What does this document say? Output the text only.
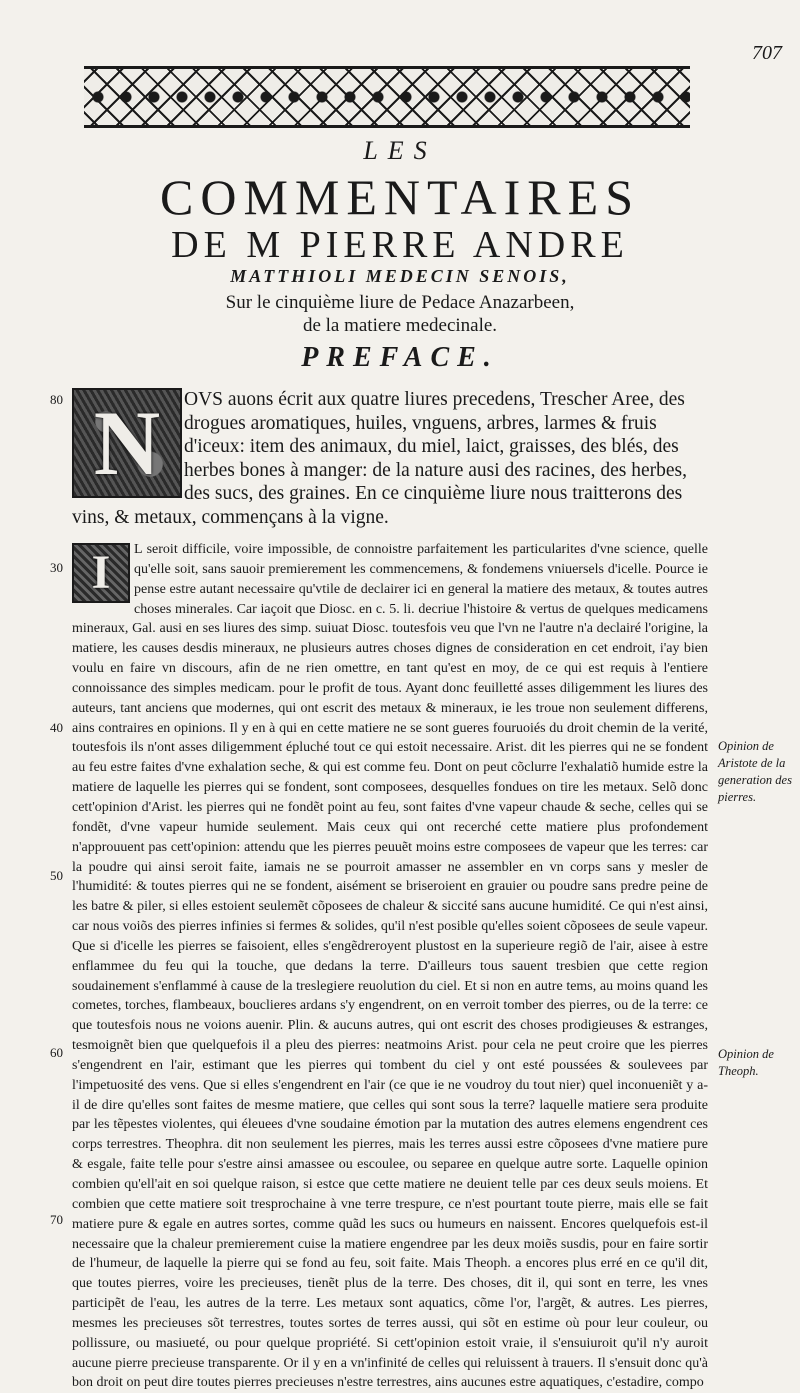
707
LES
COMMENTAIRES
DE M PIERRE ANDRE
MATTHIOLI MEDECIN SENOIS,
Sur le cinquième liure de Pedace Anazarbeen,
de la matiere medecinale.
PREFACE.
80
30
40
50
60
70
N	OVS auons écrit aux quatre liures precedens, Trescher Aree, des drogues aromatiques, huiles, vnguens, arbres, larmes & fruis d'iceux: item des animaux, du miel, laict, graisses, des blés, des herbes bones à manger: de la nature ausi des racines, des herbes, des sucs, des graines. En ce cinquième liure nous traitterons des vins, & metaux, commençans à la vigne.
I	L seroit difficile, voire impossible, de connoistre parfaitement les particularites d'vne science, quelle qu'elle soit, sans sauoir premierement les commencemens, & fondemens vniuersels d'icelle. Pource ie pense estre autant necessaire qu'vtile de declairer ici en general la matiere des metaux, & toutes autres choses minerales. Car iaçoit que Diosc. en c. 5. li. decriue l'histoire & vertus de quelques medicamens mineraux, Gal. ausi en ses liures des simp. suiuat Diosc. toutesfois veu que l'vn ne l'autre n'a declairé l'origine, la matiere, les causes desdis mineraux, ne plusieurs autres choses dignes de consideration en cet endroit, i'ay bien voulu en faire vn discours, afin de ne rien omettre, en tant qu'est en moy, de ce qui est requis à l'entiere connoissance des simples medicam. pour le profit de tous. Ayant donc feuilletté asses diligemment les liures des auteurs, tant anciens que modernes, qui ont escrit des metaux & mineraux, ie les troue non seulement differens, ains contraires en opinions. Il y en à qui en cette matiere ne se sont gueres fouruoiés du droit chemin de la verité, toutesfois ils n'ont asses diligemment épluché tout ce qui estoit necessaire. Arist. dit les pierres qui ne se fondent au feu estre faites d'vne exhalation seche, & qui est comme feu. Dont on peut cõclurre l'exhalatiõ humide estre la matiere de laquelle les pierres qui se fondent, sont composees, desquelles fondues on tire les metaux. Selõ donc cett'opinion d'Arist. les pierres qui ne fondẽt point au feu, sont faites d'vne vapeur chaude & seche, celles qui se fondẽt, d'vne vapeur humide seulement. Mais ceux qui ont recerché cette matiere plus profondement n'approuuent pas cett'opinion: attendu que les pierres peuuẽt moins estre composees de vapeur que les terres: car la poudre qui ainsi seroit faite, iamais ne se pourroit amasser ne assembler en vn corps sans y mesler de l'humidité: & toutes pierres qui ne se fondent, aisément se briseroient en grauier ou poudre sans predre peine de les batre & piler, si elles estoient seulemẽt cõposees de chaleur & siccité sans aucune humidité. Ce qui n'est ainsi, car nous voiõs des pierres infinies si fermes & solides, qu'il n'est posible qu'elles soient cõposees de seule vapeur. Que si d'icelle les pierres se faisoient, elles s'engẽdreroyent plustost en la superieure regiõ de l'air, aisee à estre enflammee du feu qui la touche, que dedans la terre. D'ailleurs tous sauent tresbien que cette region soudainement s'enflammé à cause de la treslegiere reuolution du ciel. Et si non en autre tems, au moins quand les cometes, torches, flambeaux, bouclieres ardans s'y engendrent, on en verroit tomber des pierres, ou de la terre: ce que toutesfois nous ne voions auenir. Plin. & aucuns autres, qui ont escrit des choses prodigieuses & estranges, tesmoignẽt bien que quelquefois il a pleu des pierres: neatmoins Arist. pour cela ne peut croire que les pierres s'engendrent en l'air, estimant que les pierres qui tombent du ciel y ont esté poussées & soulevees par l'impetuosité des vens. Que si elles s'engendrent en l'air (ce que ie ne voudroy du tout nier) quel inconueniẽt y a-il de dire qu'elles sont faites de mesme matiere, que celles qui sont sous la terre? laquelle matiere sera produite par les tẽpestes violentes, qui éleuees d'vne soudaine émotion par la mutation des autres elemens engendrent ces corps terrestres. Theophra. dit non seulement les pierres, mais les terres aussi estre cõposees d'vne matiere pure & esgale, faite telle pour s'estre ainsi amassee ou escoulee, ou separee en quelque autre sorte. Laquelle opinion combien qu'ell'ait en soi quelque raison, si estce que cette matiere ne deuient telle par ces deux seuls moiens. Et combien que cette matiere soit tresprochaine à vne terre trespure, ce n'est pourtant toute pierre, mais elle se fait matiere pure & egale en autres sortes, comme quãd les sucs ou humeurs en naissent. Encores quelquefois est-il necessaire que la chaleur premierement cuise la matiere engendree par les deux moiẽs susdis, pour en faire sortir de l'humeur, de laquelle la pierre qui se fond au feu, soit faite. Mais Theoph. a encores plus erré en ce qu'il dit, que toutes pierres, voire les precieuses, tienẽt plus de la terre. Des choses, dit il, qui sont en terre, les vnes participẽt de l'eau, les autres de la terre. Les metaux sont aquatics, cõme l'or, l'argẽt, & autres. Les pierres, mesmes les precieuses sõt terrestres, toutes sortes de terres aussi, qui sõt en estime où pour leur couleur, ou pollissure, ou masiueté, ou pour quelque propriété. Si cett'opinion estoit vraie, il s'ensuiuroit qu'il n'y auroit aucune pierre precieuse transparente. Or il y en a vn'infinité de celles qui reluissent à trauers. Il s'ensuit donc qu'à bon droit on peut dire toutes pierres precieuses n'estre terrestres, ains aucunes estre aquatiques, c'estadire, compo
Opinion de Aristote de la generation des pierres.
Opinion de Theoph.
